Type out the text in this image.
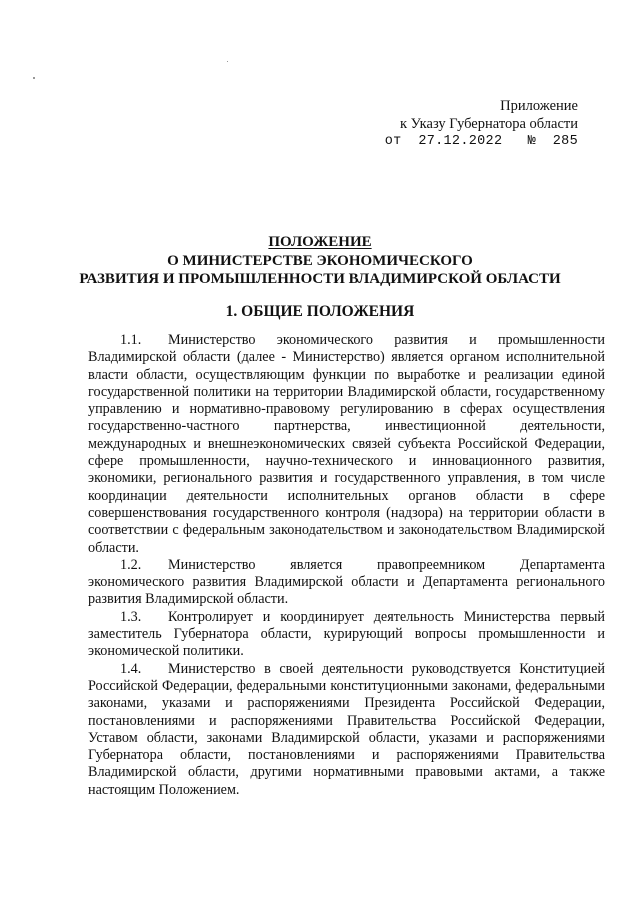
Приложение
к Указу Губернатора области
от 27.12.2022 № 285
ПОЛОЖЕНИЕ
О МИНИСТЕРСТВЕ ЭКОНОМИЧЕСКОГО
РАЗВИТИЯ И ПРОМЫШЛЕННОСТИ ВЛАДИМИРСКОЙ ОБЛАСТИ
1. ОБЩИЕ ПОЛОЖЕНИЯ

1.1. Министерство экономического развития и промышленности Владимирской области (далее - Министерство) является органом исполнительной власти области, осуществляющим функции по выработке и реализации единой государственной политики на территории Владимирской области, государственному управлению и нормативно-правовому регулированию в сферах осуществления государственно-частного партнерства, инвестиционной деятельности, международных и внешнеэкономических связей субъекта Российской Федерации, сфере промышленности, научно-технического и инновационного развития, экономики, регионального развития и государственного управления, в том числе координации деятельности исполнительных органов области в сфере совершенствования государственного контроля (надзора) на территории области в соответствии с федеральным законодательством и законодательством Владимирской области.

1.2. Министерство является правопреемником Департамента экономического развития Владимирской области и Департамента регионального развития Владимирской области.

1.3. Контролирует и координирует деятельность Министерства первый заместитель Губернатора области, курирующий вопросы промышленности и экономической политики.

1.4. Министерство в своей деятельности руководствуется Конституцией Российской Федерации, федеральными конституционными законами, федеральными законами, указами и распоряжениями Президента Российской Федерации, постановлениями и распоряжениями Правительства Российской Федерации, Уставом области, законами Владимирской области, указами и распоряжениями Губернатора области, постановлениями и распоряжениями Правительства Владимирской области, другими нормативными правовыми актами, а также настоящим Положением.
